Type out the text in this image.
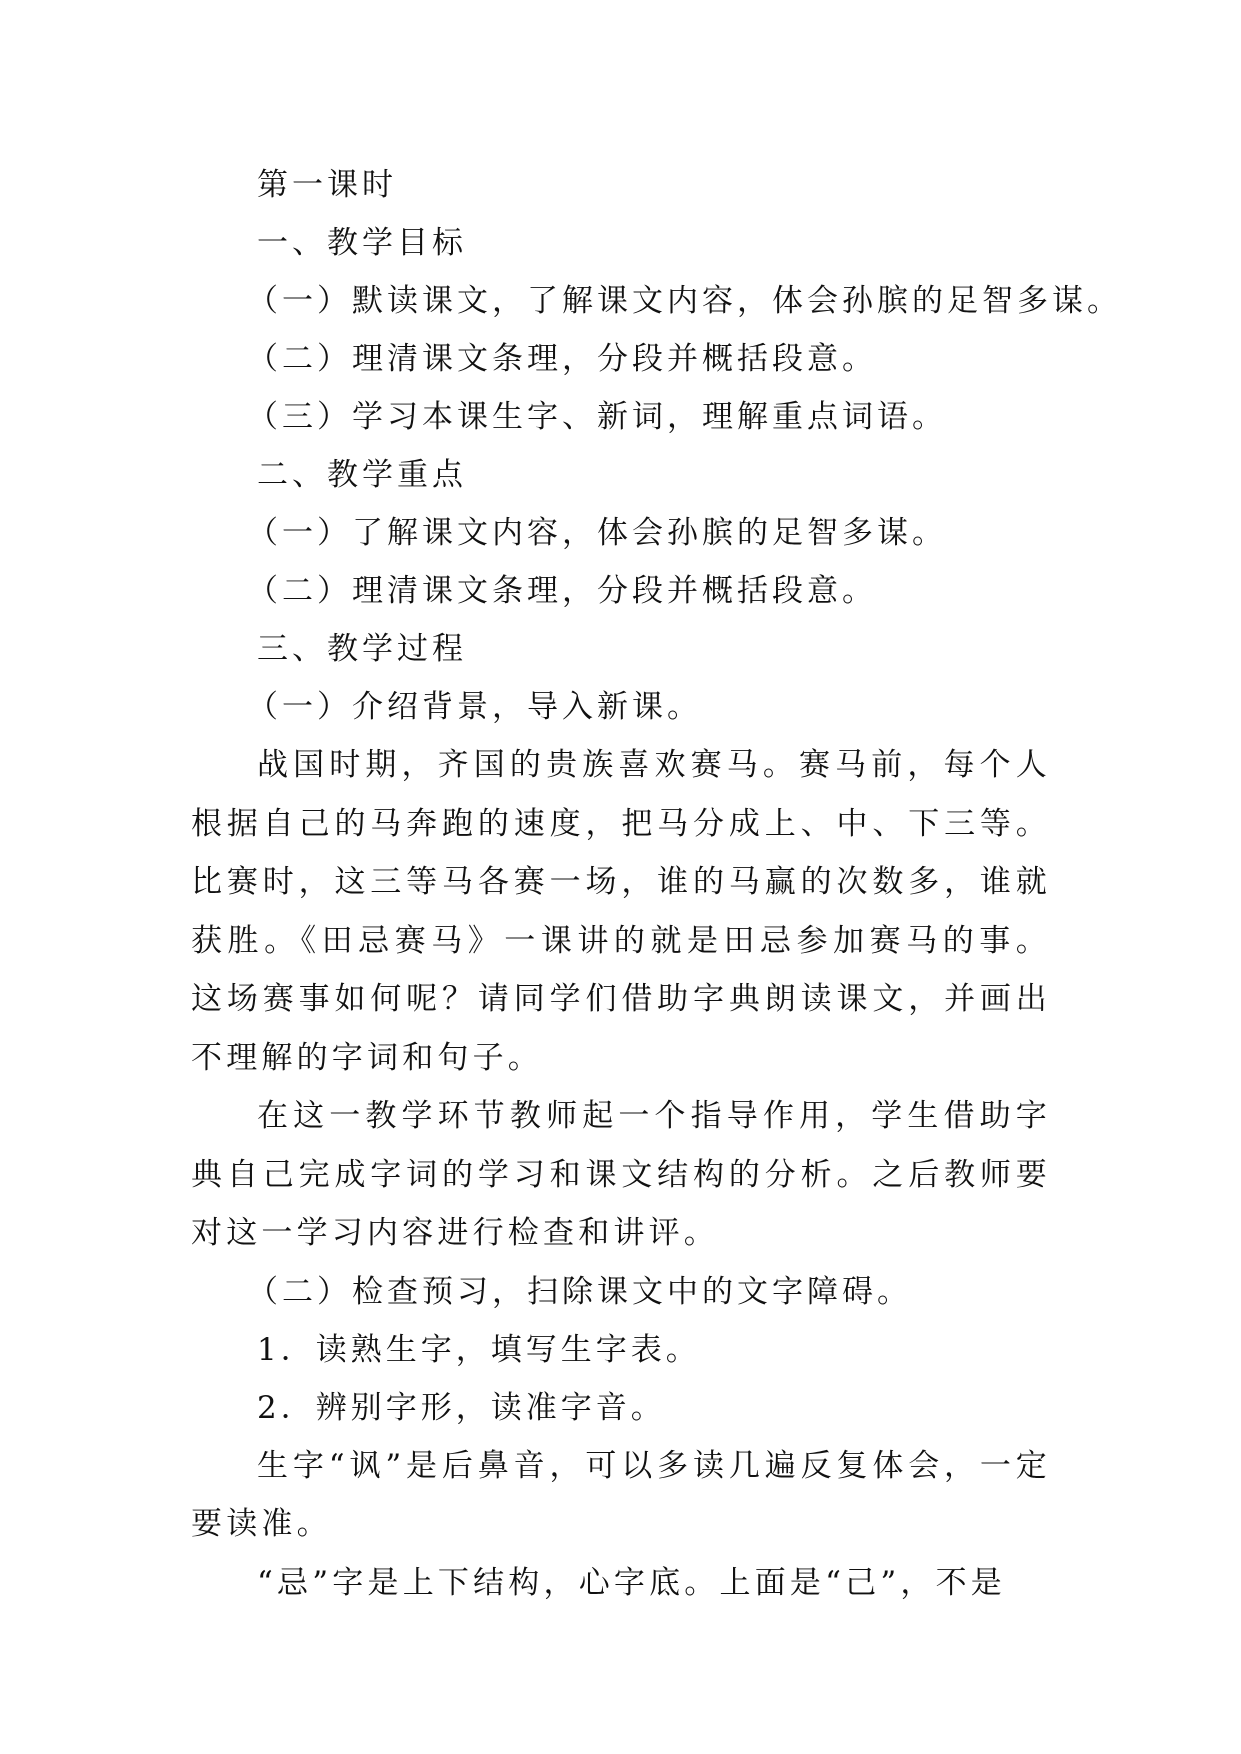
第一课时

一、教学目标

（一）默读课文，了解课文内容，体会孙膑的足智多谋。

（二）理清课文条理，分段并概括段意。

（三）学习本课生字、新词，理解重点词语。

二、教学重点

（一）了解课文内容，体会孙膑的足智多谋。

（二）理清课文条理，分段并概括段意。

三、教学过程

（一）介绍背景，导入新课。

战国时期，齐国的贵族喜欢赛马。赛马前，每个人根据自己的马奔跑的速度，把马分成上、中、下三等。比赛时，这三等马各赛一场，谁的马赢的次数多，谁就获胜。《田忌赛马》一课讲的就是田忌参加赛马的事。这场赛事如何呢？请同学们借助字典朗读课文，并画出不理解的字词和句子。

在这一教学环节教师起一个指导作用，学生借助字典自己完成字词的学习和课文结构的分析。之后教师要对这一学习内容进行检查和讲评。

（二）检查预习，扫除课文中的文字障碍。

1．读熟生字，填写生字表。

2．辨别字形，读准字音。

生字“讽”是后鼻音，可以多读几遍反复体会，一定要读准。

“忌”字是上下结构，心字底。上面是“己”，不是
